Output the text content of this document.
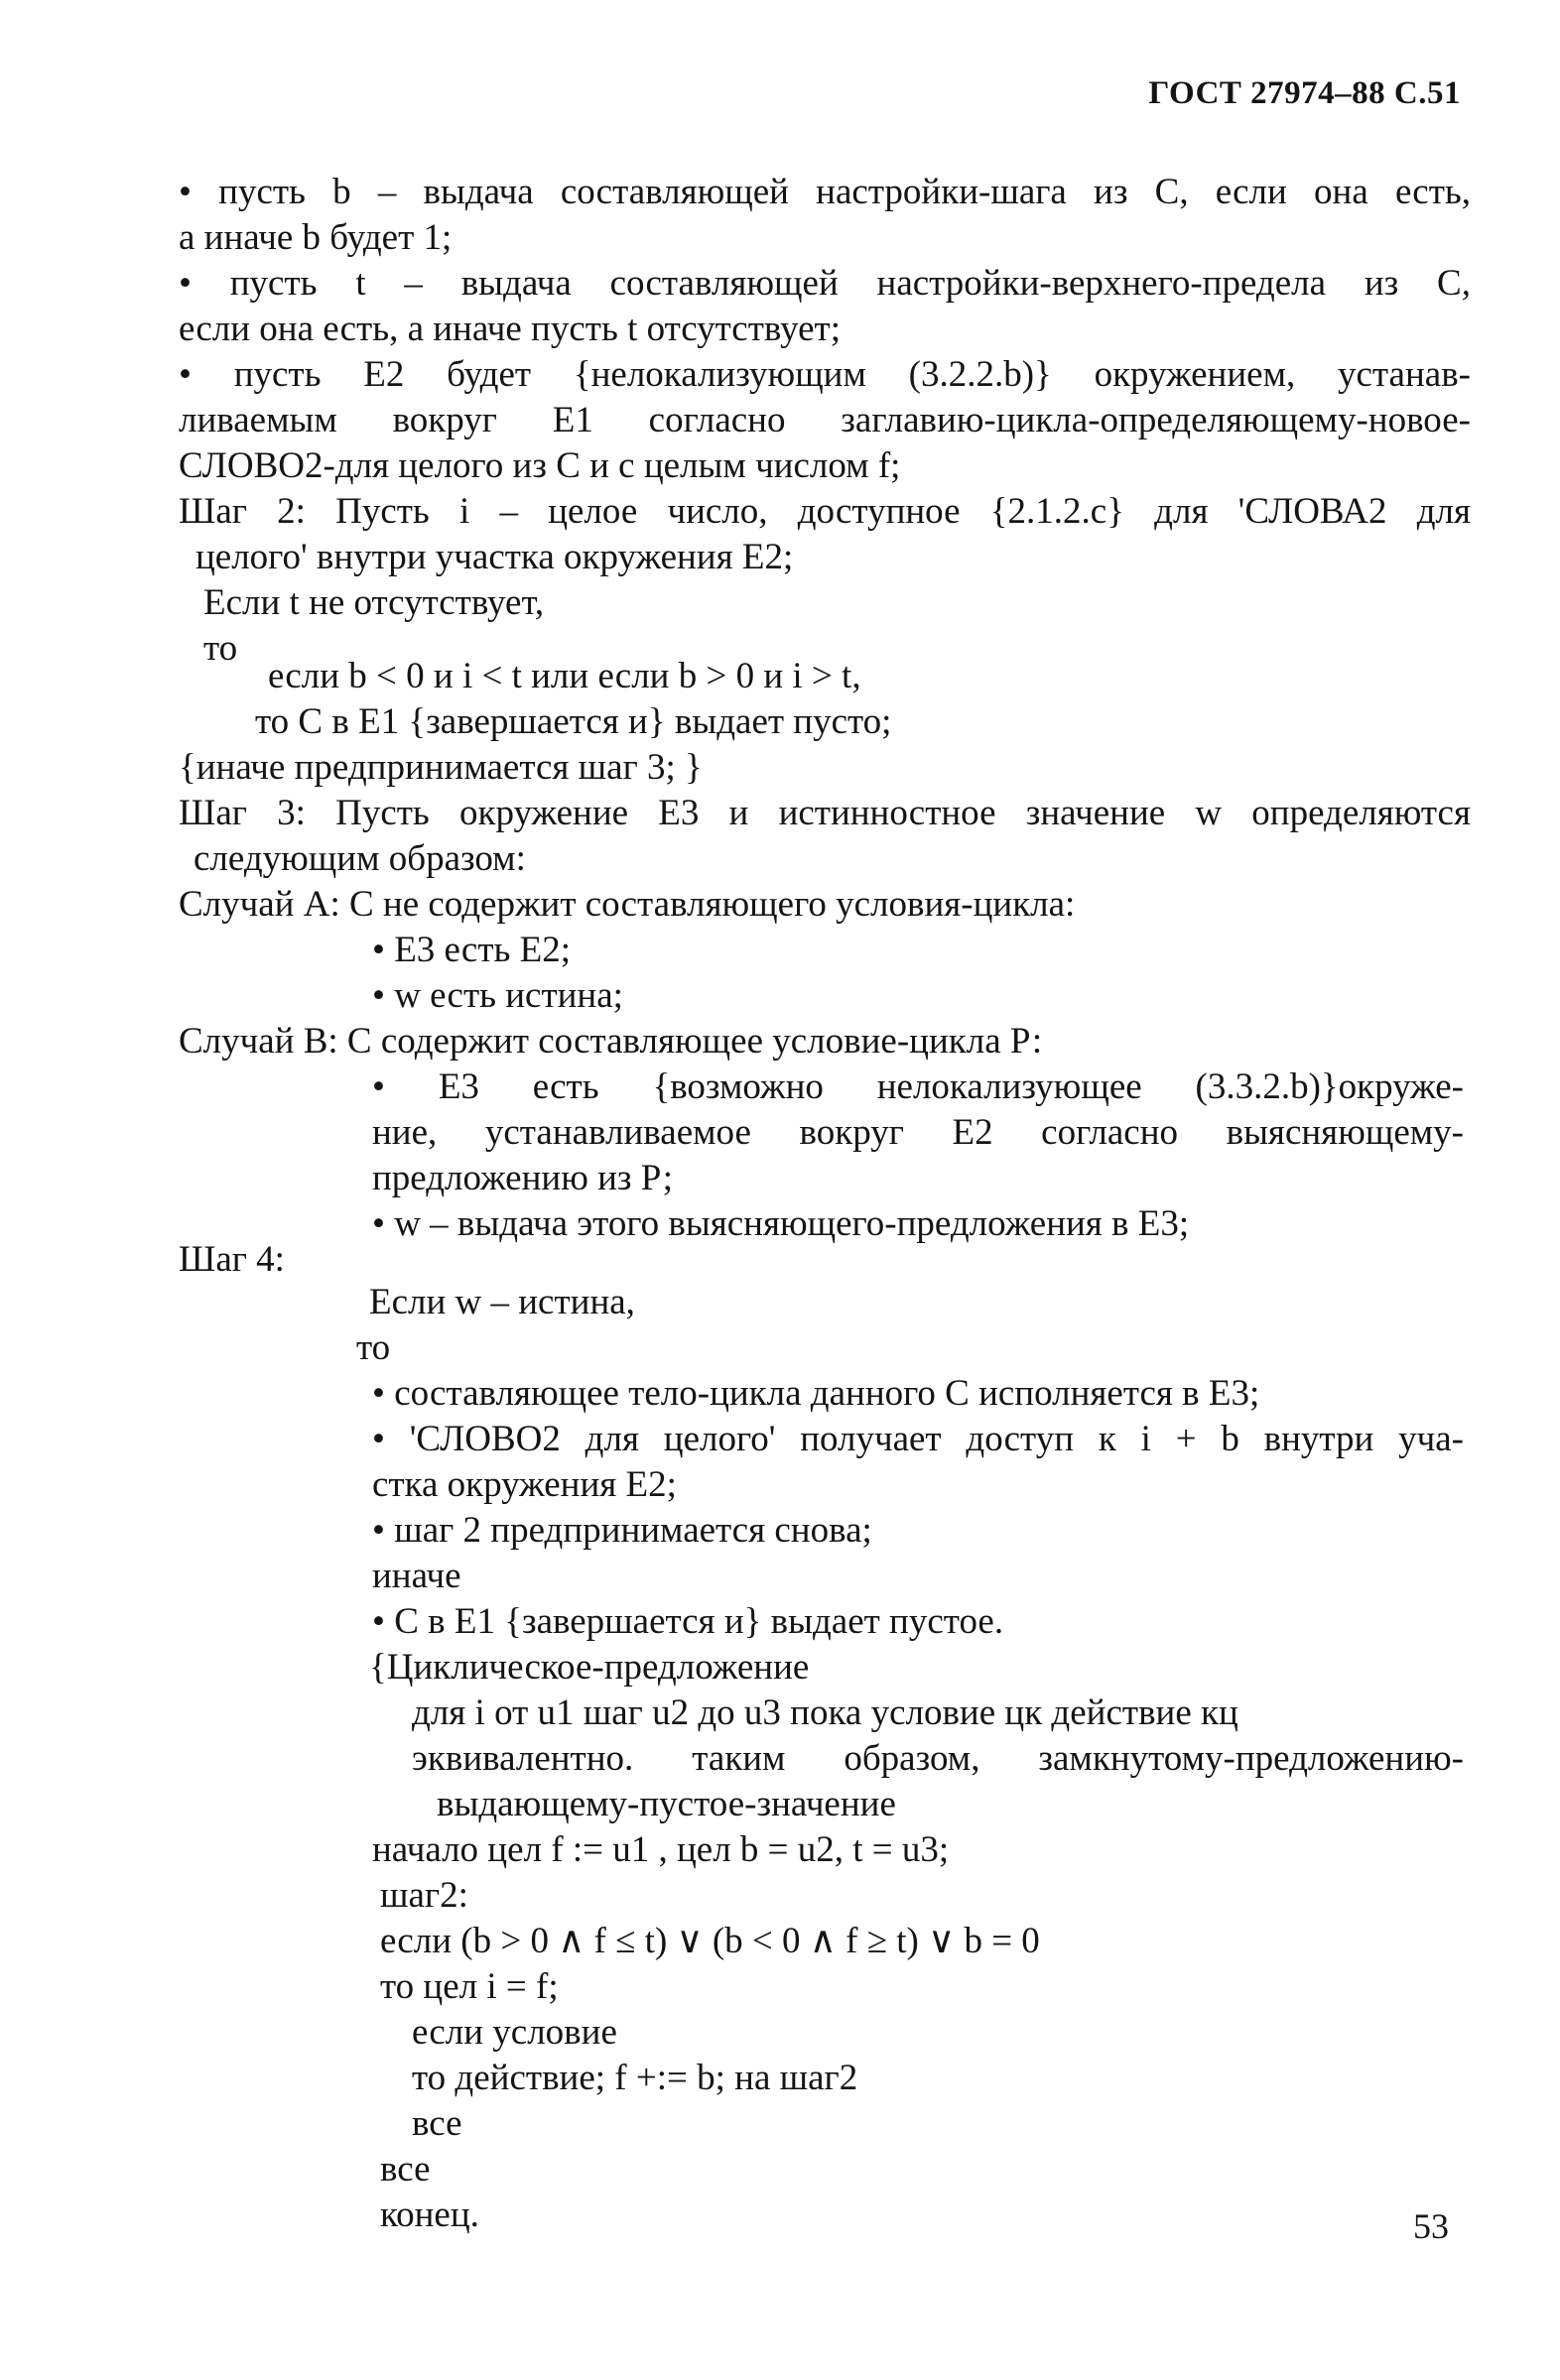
ГОСТ 27974–88 С.51

• пусть b – выдача составляющей настройки-шага из С, если она есть,

а иначе b будет 1;

• пусть t – выдача составляющей настройки-верхнего-предела из С,

если она есть, а иначе пусть t отсутствует;

• пусть Е2 будет {нелокализующим (3.2.2.b)} окружением, устанав-

ливаемым вокруг Е1 согласно заглавию-цикла-определяющему-новое-

СЛОВО2-для целого из С и с целым числом f;

Шаг 2: Пусть i – целое число, доступное {2.1.2.с} для 'СЛОВА2 для

целого' внутри участка окружения Е2;

Если t не отсутствует,

то

если b < 0 и i < t или если b > 0 и i > t,

то С в Е1 {завершается и} выдает пусто;

{иначе предпринимается шаг 3; }

Шаг 3: Пусть окружение Е3 и истинностное значение w определяются

следующим образом:

Случай А: С не содержит составляющего условия-цикла:

• Е3 есть Е2;

• w есть истина;

Случай В: С содержит составляющее условие-цикла Р:

• Е3 есть {возможно нелокализующее (3.3.2.b)}окруже-

ние, устанавливаемое вокруг Е2 согласно выясняющему-

предложению из Р;

• w – выдача этого выясняющего-предложения в Е3;

Шаг 4:

Если w – истина,

то

• составляющее тело-цикла данного С исполняется в Е3;

• 'СЛОВО2 для целого' получает доступ к i + b внутри уча-

стка окружения Е2;

• шаг 2 предпринимается снова;

иначе

• С в Е1 {завершается и} выдает пустое.

{Циклическое-предложение

для i от u1 шаг u2 до u3 пока условие цк действие кц

эквивалентно. таким образом, замкнутому-предложению-

выдающему-пустое-значение

начало цел f := u1 , цел b = u2, t = u3;

шаг2:

если (b > 0 ∧ f ≤ t) ∨ (b < 0 ∧ f ≥ t) ∨ b = 0

то цел i = f;

если условие

то действие; f +:= b; на шаг2

все

все

конец.	53
